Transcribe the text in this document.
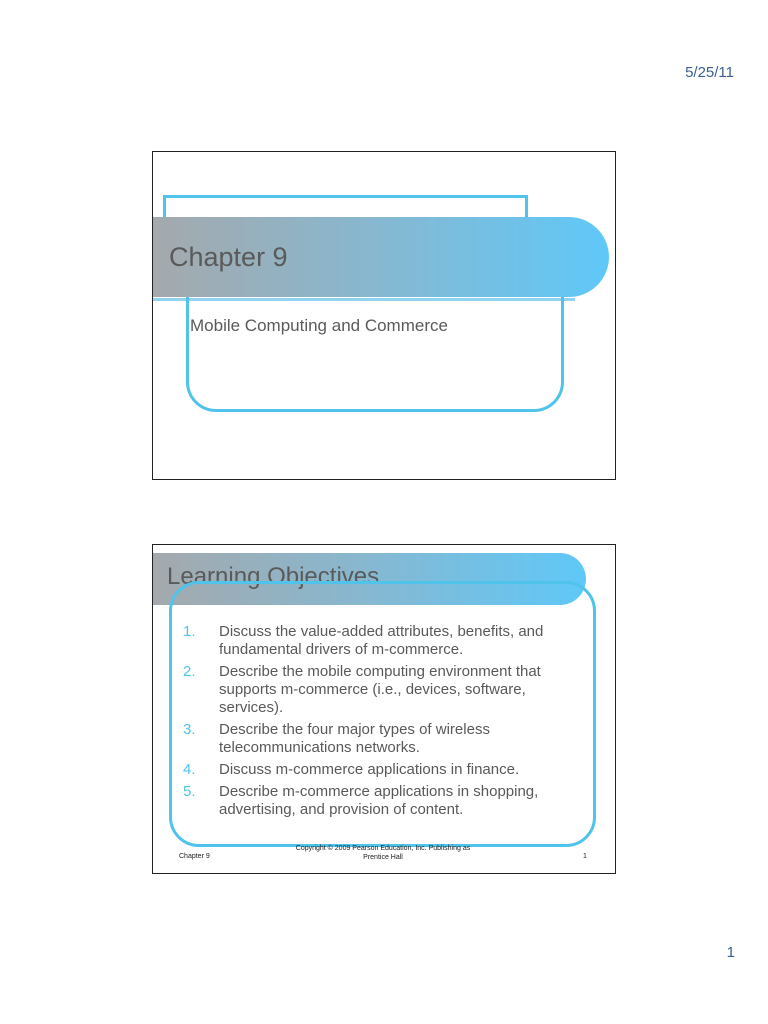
5/25/11
Chapter 9
Mobile Computing and Commerce
Learning Objectives
1.	Discuss the value-added attributes, benefits, and fundamental drivers of m-commerce.
2.	Describe the mobile computing environment that supports m-commerce (i.e., devices, software, services).
3.	Describe the four major types of wireless telecommunications networks.
4.	Discuss m-commerce applications in finance.
5.	Describe m-commerce applications in shopping, advertising, and provision of content.
Chapter 9
Copyright © 2009 Pearson Education, Inc. Publishing as Prentice Hall	1
1
